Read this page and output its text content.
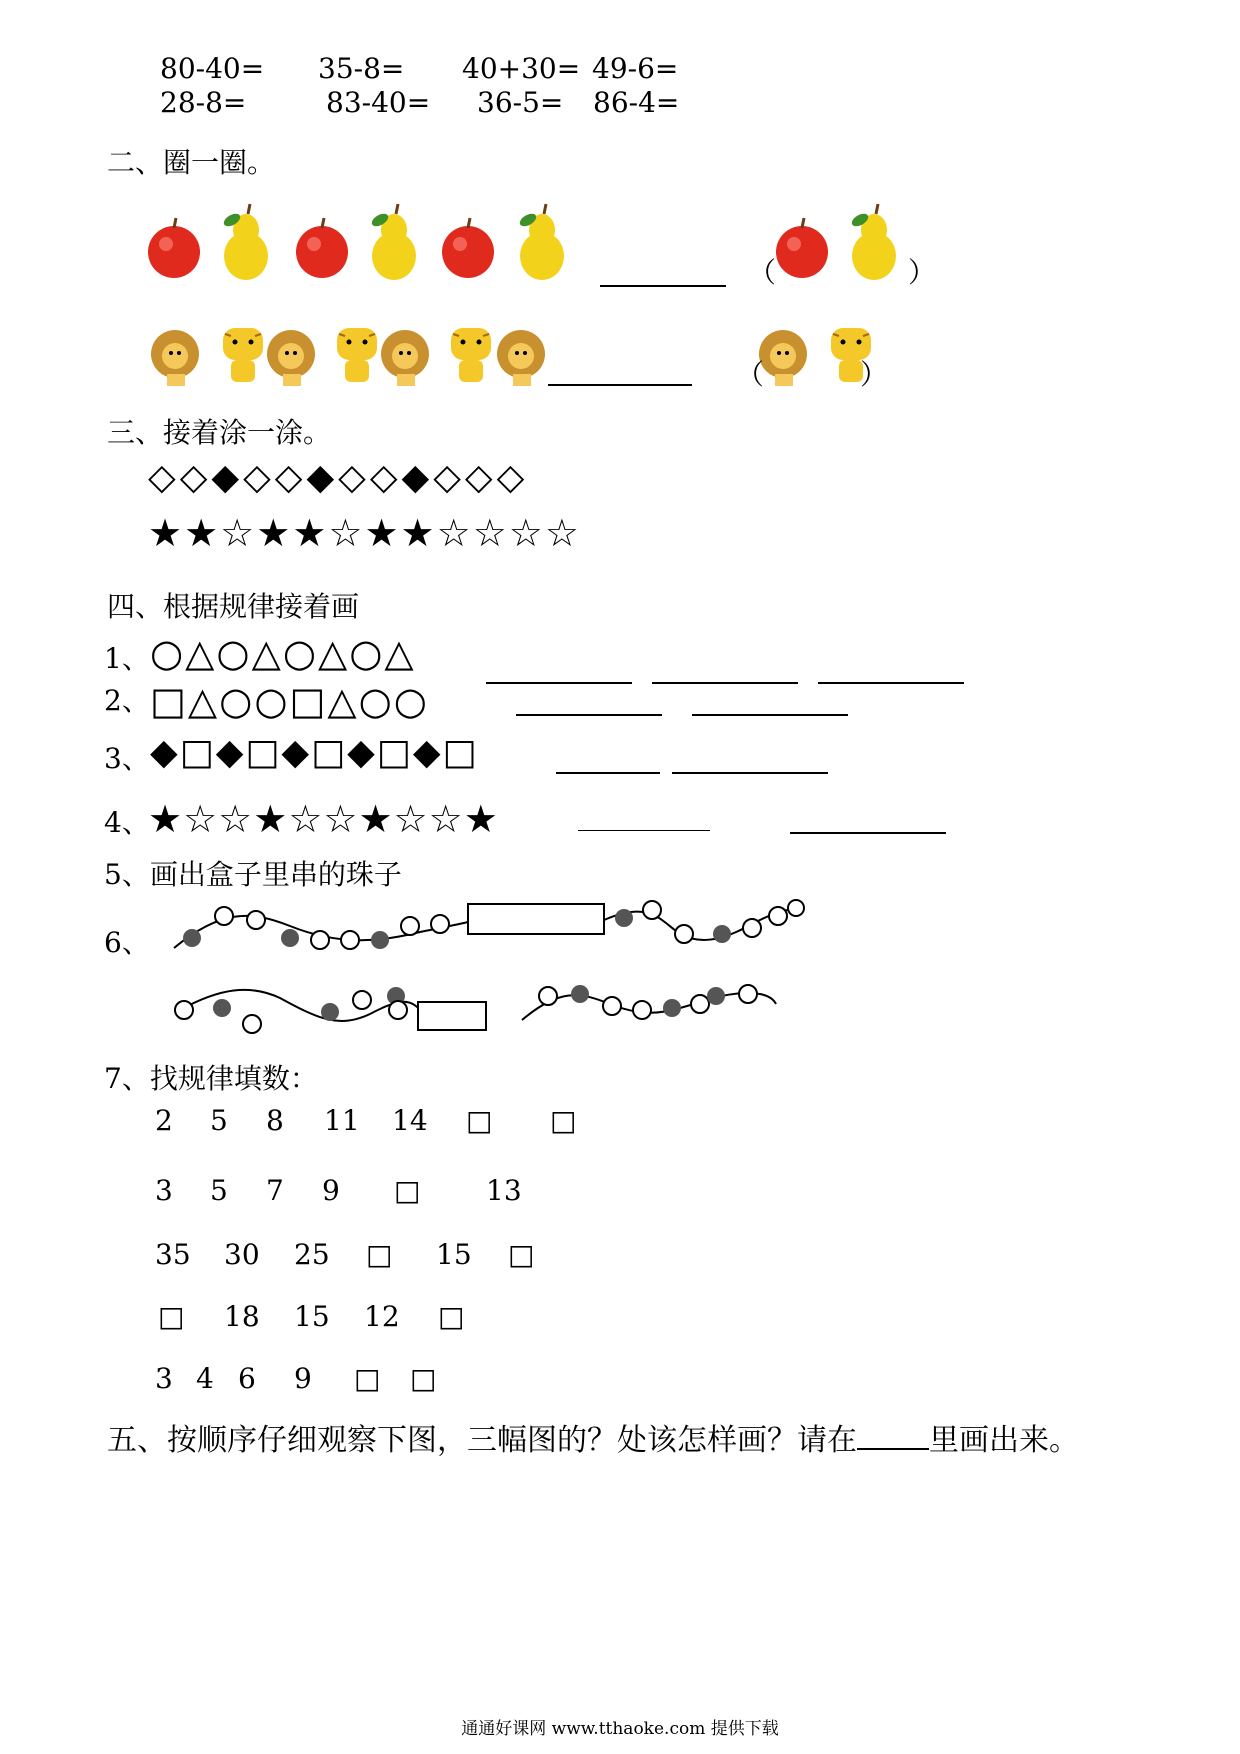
80-40= 35-8= 40+30= 49-6=
28-8=	83-40= 36-5= 86-4=
二、圈一圈。
（	）
（	）
三、接着涂一涂。
◇◇◆◇◇◆◇◇◆◇◇◇
★★☆★★☆★★☆☆☆☆
四、根据规律接着画
1、 ○△○△○△○△
2、 □△○○□△○○
3、 ◆□◆□◆□◆□◆□
4、
★☆☆★☆☆★☆☆★
5、画出盒子里串的珠子
6、
7、找规律填数：
2 5 8 11 14 □ □
3 5 7 9 □ 13
35 30 25 □ 15 □
□ 18 15 12 □
3 4 6 9 □ □
五、按顺序仔细观察下图，三幅图的？处该怎样画？请在 里画出来。
通通好课网 www.tthaoke.com 提供下载
